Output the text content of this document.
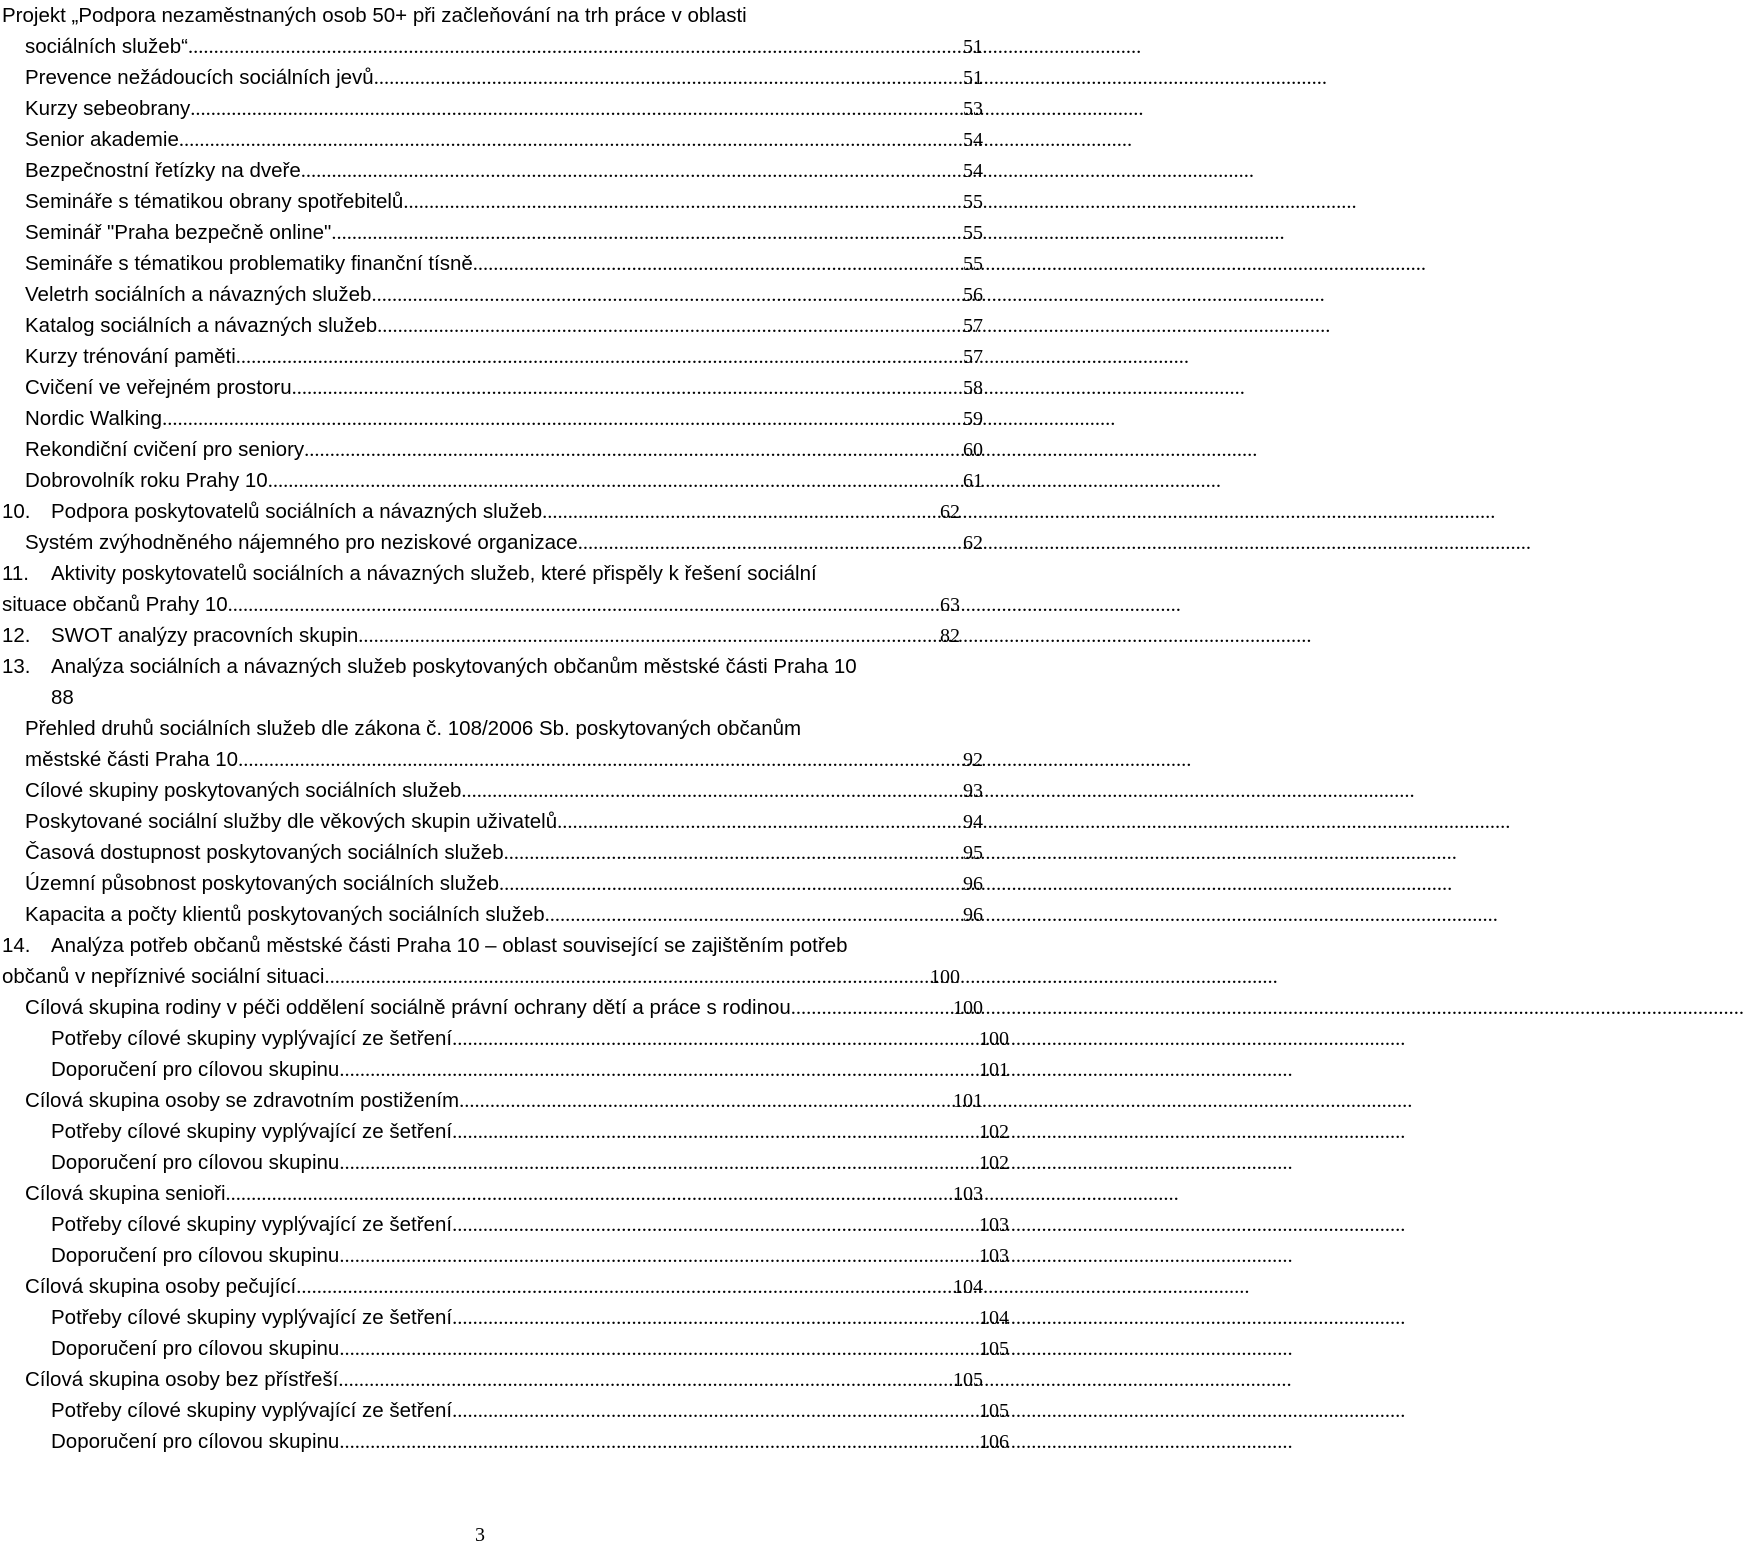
Projekt „Podpora nezaměstnaných osob 50+ při začleňování na trh práce v oblasti
sociálních služeb“ .....	51
Prevence nežádoucích sociálních jevů .....	51
Kurzy sebeobrany .....	53
Senior akademie .....	54
Bezpečnostní řetízky na dveře .....	54
Semináře s tématikou obrany spotřebitelů .....	55
Seminář "Praha bezpečně online" .....	55
Semináře s tématikou problematiky finanční tísně .....	55
Veletrh sociálních a návazných služeb .....	56
Katalog sociálních a návazných služeb .....	57
Kurzy trénování paměti .....	57
Cvičení ve veřejném prostoru .....	58
Nordic Walking .....	59
Rekondiční cvičení pro seniory .....	60
Dobrovolník roku Prahy 10 .....	61
10.	Podpora poskytovatelů sociálních a návazných služeb .....	62
Systém zvýhodněného nájemného pro neziskové organizace .....	62
11. Aktivity poskytovatelů sociálních a návazných služeb, které přispěly k řešení sociální
situace občanů Prahy 10 .....	63
12.	SWOT analýzy pracovních skupin .....	82
13. Analýza sociálních a návazných služeb poskytovaných občanům městské části Praha 10
88
Přehled druhů sociálních služeb dle zákona č. 108/2006 Sb. poskytovaných občanům
městské části Praha 10 .....	92
Cílové skupiny poskytovaných sociálních služeb .....	93
Poskytované sociální služby dle věkových skupin uživatelů .....	94
Časová dostupnost poskytovaných sociálních služeb .....	95
Územní působnost poskytovaných sociálních služeb .....	96
Kapacita a počty klientů poskytovaných sociálních služeb .....	96
14. Analýza potřeb občanů městské části Praha 10 – oblast související se zajištěním potřeb
občanů v nepříznivé sociální situaci .....	100
Cílová skupina rodiny v péči oddělení sociálně právní ochrany dětí a práce s rodinou .....	100
Potřeby cílové skupiny vyplývající ze šetření .....	100
Doporučení pro cílovou skupinu .....	101
Cílová skupina osoby se zdravotním postižením .....	101
Potřeby cílové skupiny vyplývající ze šetření .....	102
Doporučení pro cílovou skupinu .....	102
Cílová skupina senioři .....	103
Potřeby cílové skupiny vyplývající ze šetření .....	103
Doporučení pro cílovou skupinu .....	103
Cílová skupina osoby pečující .....	104
Potřeby cílové skupiny vyplývající ze šetření .....	104
Doporučení pro cílovou skupinu .....	105
Cílová skupina osoby bez přístřeší .....	105
Potřeby cílové skupiny vyplývající ze šetření .....	105
Doporučení pro cílovou skupinu .....	106
3
